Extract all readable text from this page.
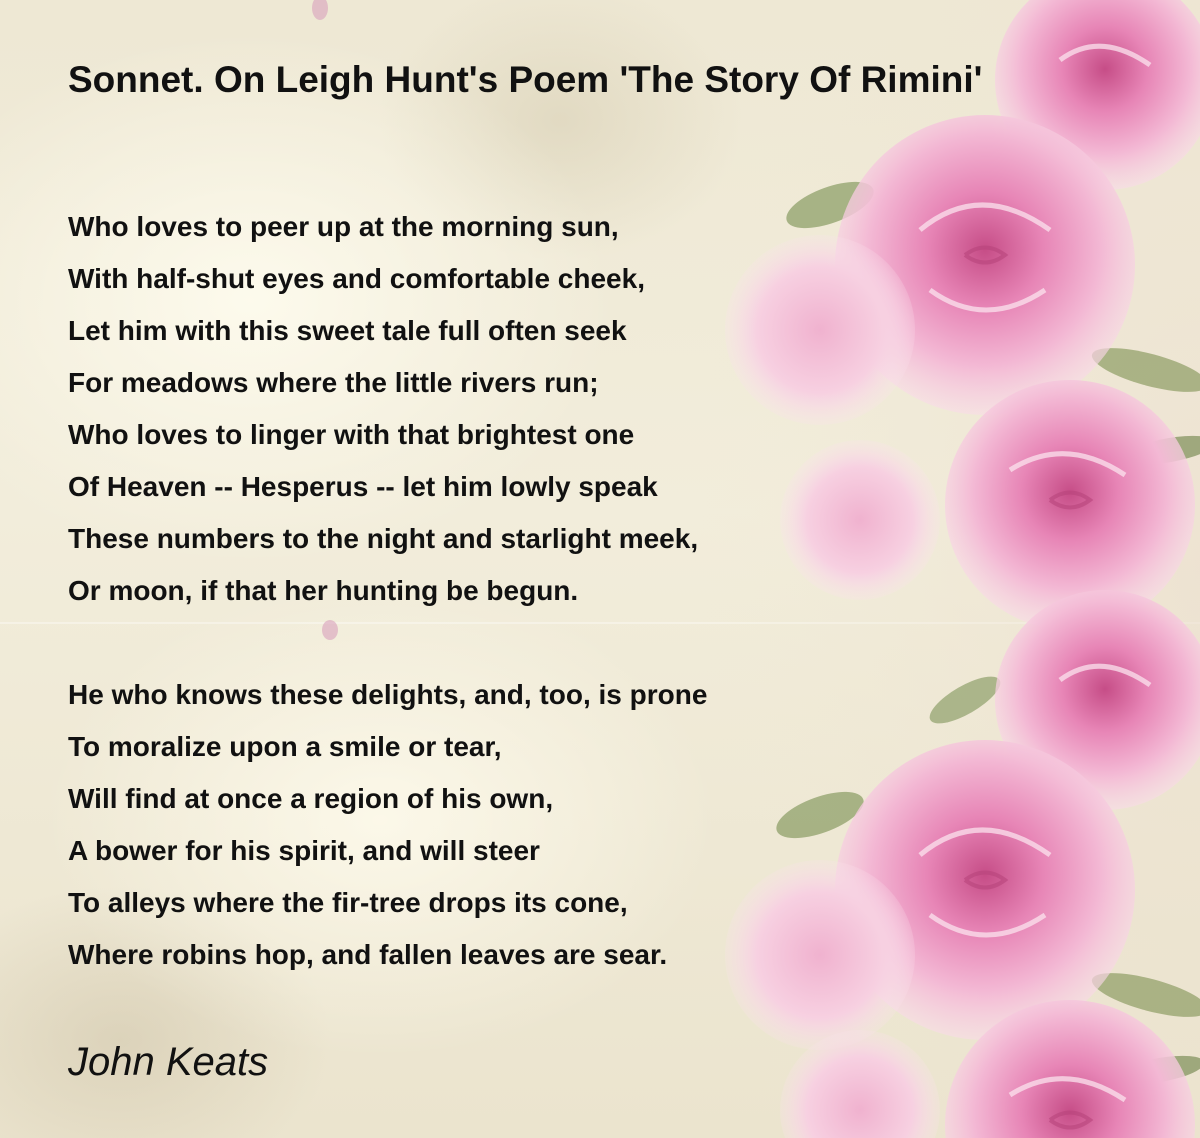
Sonnet. On Leigh Hunt's Poem 'The Story Of Rimini'
Who loves to peer up at the morning sun,
With half-shut eyes and comfortable cheek,
Let him with this sweet tale full often seek
For meadows where the little rivers run;
Who loves to linger with that brightest one
Of Heaven -- Hesperus -- let him lowly speak
These numbers to the night and starlight meek,
Or moon, if that her hunting be begun.
He who knows these delights, and, too, is prone
To moralize upon a smile or tear,
Will find at once a region of his own,
A bower for his spirit, and will steer
To alleys where the fir-tree drops its cone,
Where robins hop, and fallen leaves are sear.
John Keats
